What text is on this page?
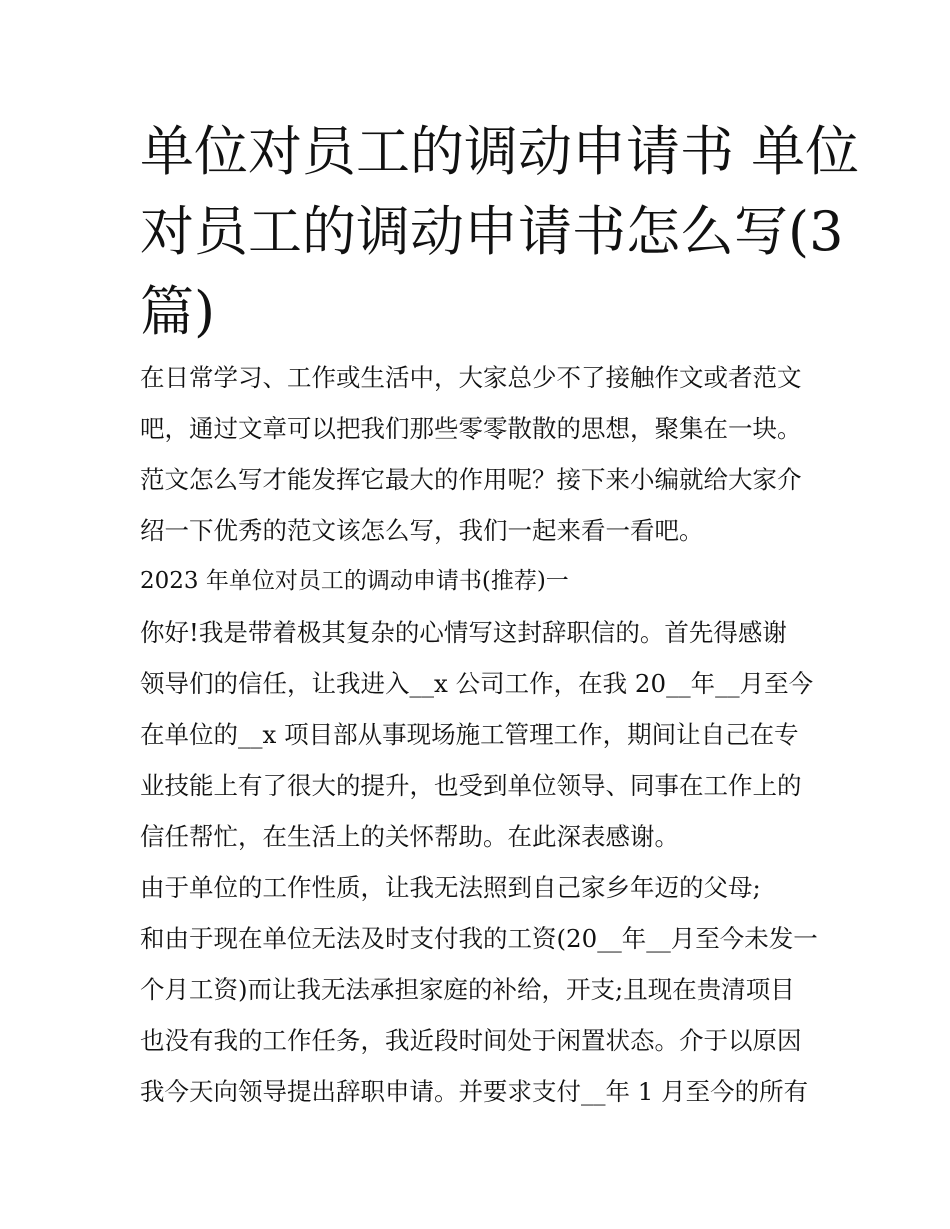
单位对员工的调动申请书 单位
对员工的调动申请书怎么写(3
篇)
在日常学习、工作或生活中，大家总少不了接触作文或者范文
吧，通过文章可以把我们那些零零散散的思想，聚集在一块。
范文怎么写才能发挥它最大的作用呢？接下来小编就给大家介
绍一下优秀的范文该怎么写，我们一起来看一看吧。
2023 年单位对员工的调动申请书(推荐)一
你好!我是带着极其复杂的心情写这封辞职信的。首先得感谢
领导们的信任，让我进入__x 公司工作，在我 20__年__月至今
在单位的__x 项目部从事现场施工管理工作，期间让自己在专
业技能上有了很大的提升，也受到单位领导、同事在工作上的
信任帮忙，在生活上的关怀帮助。在此深表感谢。
由于单位的工作性质，让我无法照到自己家乡年迈的父母;
和由于现在单位无法及时支付我的工资(20__年__月至今未发一
个月工资)而让我无法承担家庭的补给，开支;且现在贵清项目
也没有我的工作任务，我近段时间处于闲置状态。介于以原因
我今天向领导提出辞职申请。并要求支付__年 1 月至今的所有
